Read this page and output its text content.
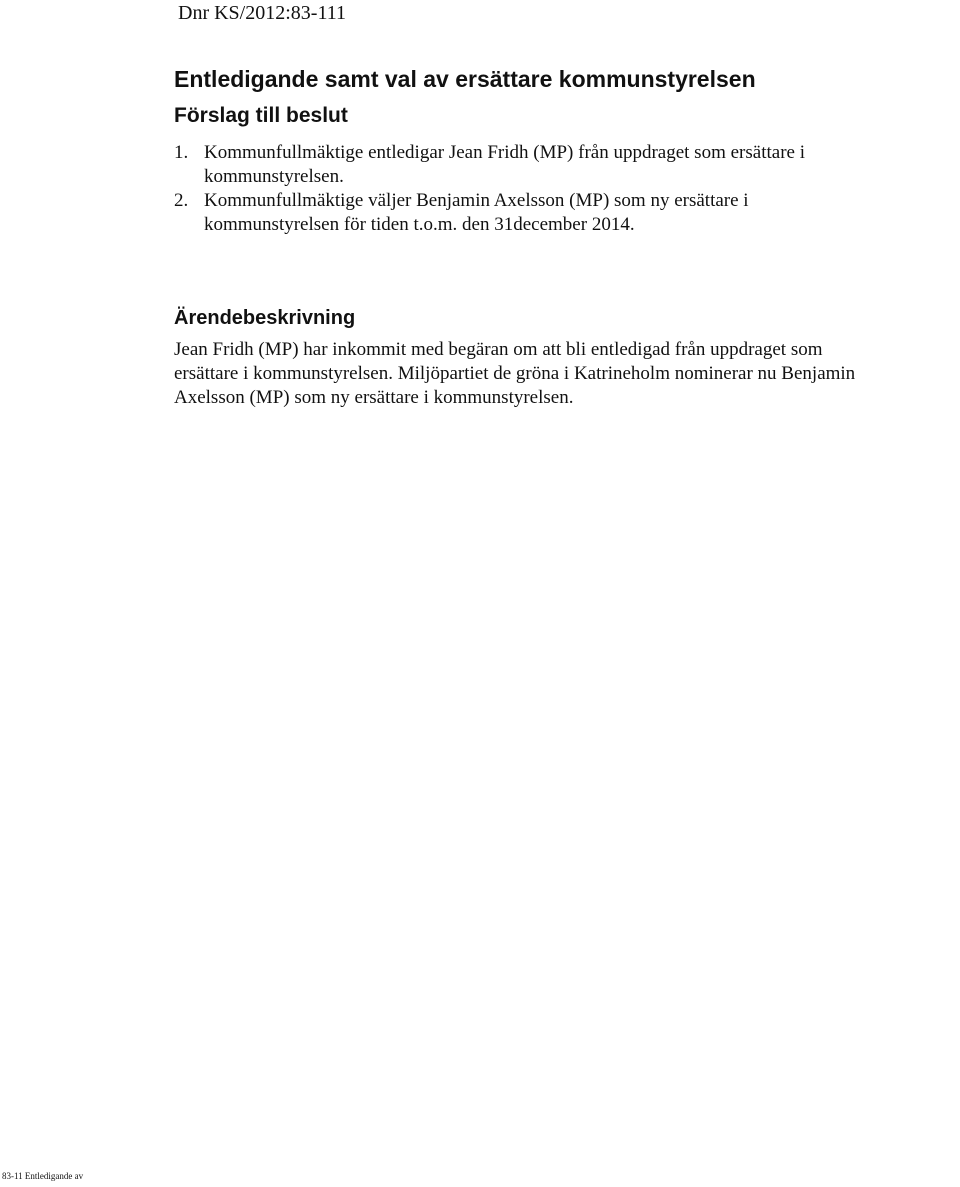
Dnr KS/2012:83-111
Entledigande samt val av ersättare kommunstyrelsen
Förslag till beslut
1. Kommunfullmäktige entledigar Jean Fridh (MP) från uppdraget som ersättare i kommunstyrelsen.
2. Kommunfullmäktige väljer Benjamin Axelsson (MP) som ny ersättare i kommunstyrelsen för tiden t.o.m. den 31december 2014.
Ärendebeskrivning

Jean Fridh (MP) har inkommit med begäran om att bli entledigad från uppdraget som ersättare i kommunstyrelsen. Miljöpartiet de gröna i Katrineholm nominerar nu Benjamin Axelsson (MP) som ny ersättare i kommunstyrelsen.

83-11 Entledigande av
